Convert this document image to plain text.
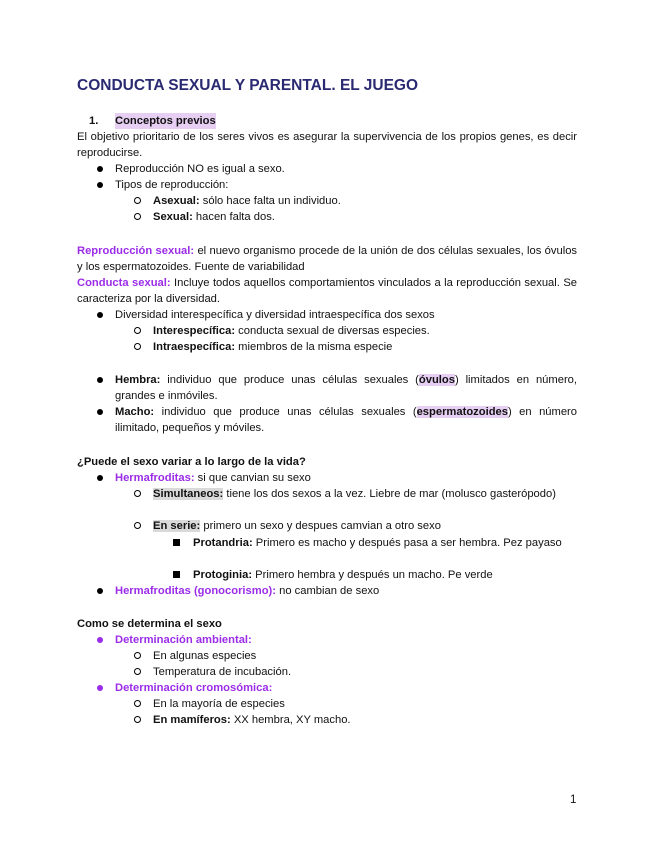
CONDUCTA SEXUAL Y PARENTAL. EL JUEGO
1. Conceptos previos
El objetivo prioritario de los seres vivos es asegurar la supervivencia de los propios genes, es decir reproducirse.
Reproducción NO es igual a sexo.
Tipos de reproducción:
Asexual: sólo hace falta un individuo.
Sexual: hacen falta dos.
Reproducción sexual: el nuevo organismo procede de la unión de dos células sexuales, los óvulos y los espermatozoides. Fuente de variabilidad
Conducta sexual: Incluye todos aquellos comportamientos vinculados a la reproducción sexual. Se caracteriza por la diversidad.
Diversidad interespecífica y diversidad intraespecífica dos sexos
Interespecífica: conducta sexual de diversas especies.
Intraespecífica: miembros de la misma especie
Hembra: individuo que produce unas células sexuales (óvulos) limitados en número, grandes e inmóviles.
Macho: individuo que produce unas células sexuales (espermatozoides) en número ilimitado, pequeños y móviles.
¿Puede el sexo variar a lo largo de la vida?
Hermafroditas: si que canvian su sexo
Simultaneos: tiene los dos sexos a la vez. Liebre de mar (molusco gasterópodo)
En serie: primero un sexo y despues camvian a otro sexo
Protandria: Primero es macho y después pasa a ser hembra. Pez payaso
Protoginia: Primero hembra y después un macho. Pe verde
Hermafroditas (gonocorismo): no cambian de sexo
Como se determina el sexo
Determinación ambiental:
En algunas especies
Temperatura de incubación.
Determinación cromosómica:
En la mayoría de especies
En mamíferos: XX hembra, XY macho.
1
